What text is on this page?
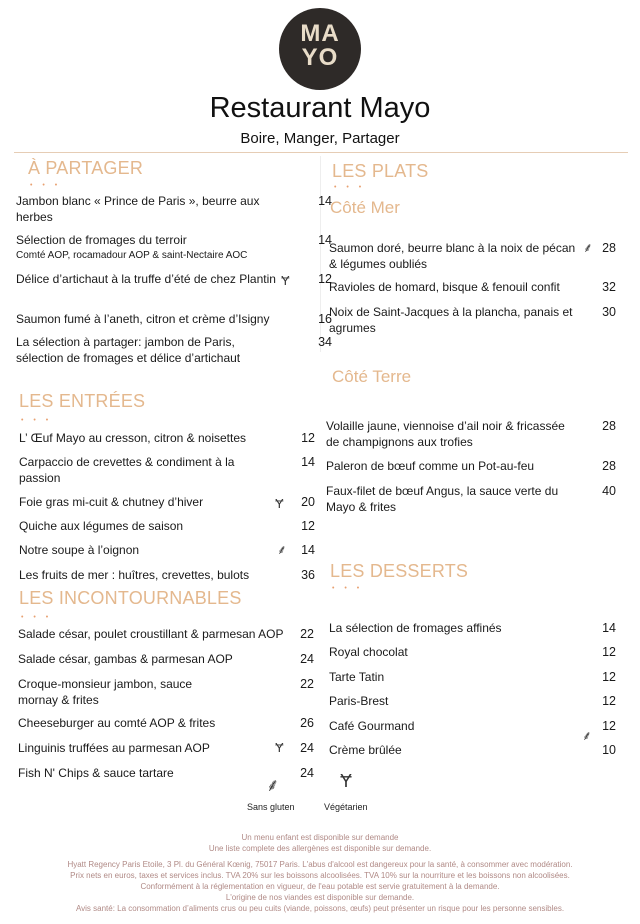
MA
YO
Restaurant Mayo
Boire, Manger, Partager
À PARTAGER
• • •
Jambon blanc « Prince de Paris », beurre aux herbes
14
Sélection de fromages du terroir	14
Comté AOP, rocamadour AOP & saint-Nectaire AOC
Délice d’artichaut à la truffe d’été de chez Plantin Ɏ	12
Saumon fumé à l’aneth, citron et crème d’Isigny	16
La sélection à partager: jambon de Paris, sélection de fromages et délice d’artichaut
34
LES ENTRÉES
• • •
L’ Œuf Mayo au cresson, citron & noisettes	12
Carpaccio de crevettes & condiment à la passion
14
Foie gras mi-cuit & chutney d’hiver	Ɏ	20
Quiche aux légumes de saison	12
Notre soupe à l’oignon	⸙	14
Les fruits de mer : huîtres, crevettes, bulots	36
LES INCONTOURNABLES
• • •
Salade césar, poulet croustillant & parmesan AOP	22
Salade césar, gambas & parmesan AOP	24
Croque-monsieur jambon, sauce mornay & frites
22
Cheeseburger au comté AOP & frites	26
Linguinis truffées au parmesan AOP	Ɏ	24
Fish N' Chips & sauce tartare	24
⸙
Sans gluten
Ɏ
Végétarien
LES PLATS
• • •
Côté Mer
Saumon doré, beurre blanc à la noix de pécan & légumes oubliés
⸙ 28
Ravioles de homard, bisque & fenouil confit	32
Noix de Saint-Jacques à la plancha, panais et agrumes
30
Côté Terre
Volaille jaune, viennoise d’ail noir & fricassée de champignons aux trofies
28
Paleron de bœuf comme un Pot-au-feu	28
Faux-filet de bœuf Angus, la sauce verte du Mayo & frites
40
LES DESSERTS
• • •
La sélection de fromages affinés	14
Royal chocolat	12
Tarte Tatin	12
Paris-Brest	12
Café Gourmand
⸙
12
Crème brûlée	10
Un menu enfant est disponible sur demande
Une liste complete des allergènes est disponible sur demande.
Hyatt Regency Paris Etoile, 3 Pl. du Général Kœnig, 75017 Paris. L'abus d'alcool est dangereux pour la santé, à consommer avec modération.
Prix nets en euros, taxes et services inclus. TVA 20% sur les boissons alcoolisées. TVA 10% sur la nourriture et les boissons non alcoolisées.
Conformément à la réglementation en vigueur, de l'eau potable est servie gratuitement à la demande.
L'origine de nos viandes est disponible sur demande.
Avis santé: La consommation d’aliments crus ou peu cuits (viande, poissons, œufs) peut présenter un risque pour les personne sensibles.
